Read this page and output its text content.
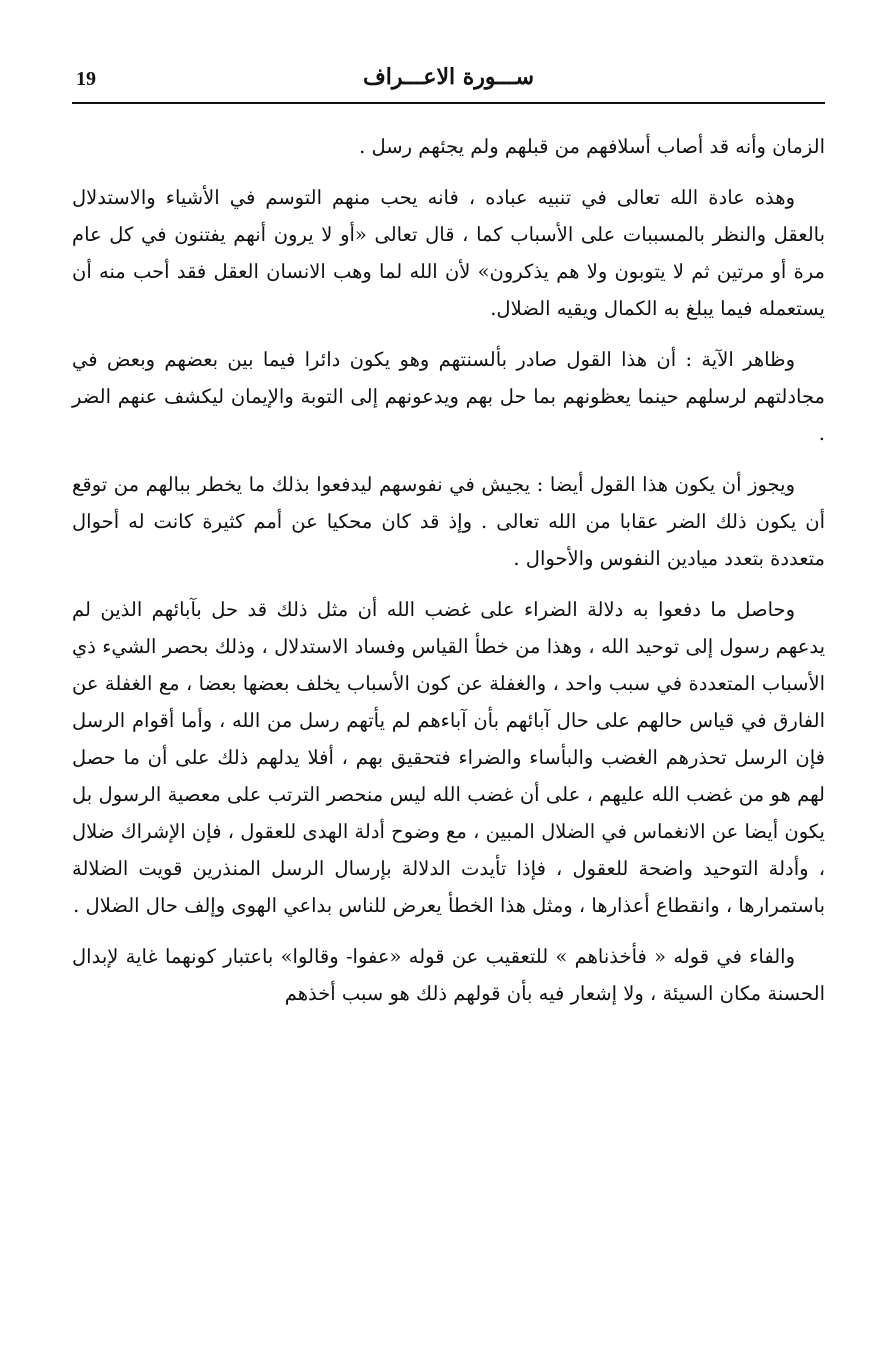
19	ســـورة الاعـــراف

الزمان وأنه قد أصاب أسلافهم من قبلهم ولم يجئهم رسل .

وهذه عادة الله تعالى في تنبيه عباده ، فانه يحب منهم التوسم في الأشياء والاستدلال بالعقل والنظر بالمسببات على الأسباب كما ، قال تعالى «أو لا يرون أنهم يفتنون في كل عام مرة أو مرتين ثم لا يتوبون ولا هم يذكرون» لأن الله لما وهب الانسان العقل فقد أحب منه أن يستعمله فيما يبلغ به الكمال ويقيه الضلال.

وظاهر الآية : أن هذا القول صادر بألسنتهم وهو يكون دائرا فيما بين بعضهم وبعض في مجادلتهم لرسلهم حينما يعظونهم بما حل بهم ويدعونهم إلى التوبة والإيمان ليكشف عنهم الضر .

ويجوز أن يكون هذا القول أيضا : يجيش في نفوسهم ليدفعوا بذلك ما يخطر ببالهم من توقع أن يكون ذلك الضر عقابا من الله تعالى . وإذ قد كان محكيا عن أمم كثيرة كانت له أحوال متعددة بتعدد ميادين النفوس والأحوال .

وحاصل ما دفعوا به دلالة الضراء على غضب الله أن مثل ذلك قد حل بآبائهم الذين لم يدعهم رسول إلى توحيد الله ، وهذا من خطأ القياس وفساد الاستدلال ، وذلك بحصر الشيء ذي الأسباب المتعددة في سبب واحد ، والغفلة عن كون الأسباب يخلف بعضها بعضا ، مع الغفلة عن الفارق في قياس حالهم على حال آبائهم بأن آباءهم لم يأتهم رسل من الله ، وأما أقوام الرسل فإن الرسل تحذرهم الغضب والبأساء والضراء فتحقيق بهم ، أفلا يدلهم ذلك على أن ما حصل لهم هو من غضب الله عليهم ، على أن غضب الله ليس منحصر الترتب على معصية الرسول بل يكون أيضا عن الانغماس في الضلال المبين ، مع وضوح أدلة الهدى للعقول ، فإن الإشراك ضلال ، وأدلة التوحيد واضحة للعقول ، فإذا تأيدت الدلالة بإرسال الرسل المنذرين قويت الضلالة باستمرارها ، وانقطاع أعذارها ، ومثل هذا الخطأ يعرض للناس بداعي الهوى وإلف حال الضلال .

والفاء في قوله « فأخذناهم » للتعقيب عن قوله «عفوا- وقالوا» باعتبار كونهما غاية لإبدال الحسنة مكان السيئة ، ولا إشعار فيه بأن قولهم ذلك هو سبب أخذهم
